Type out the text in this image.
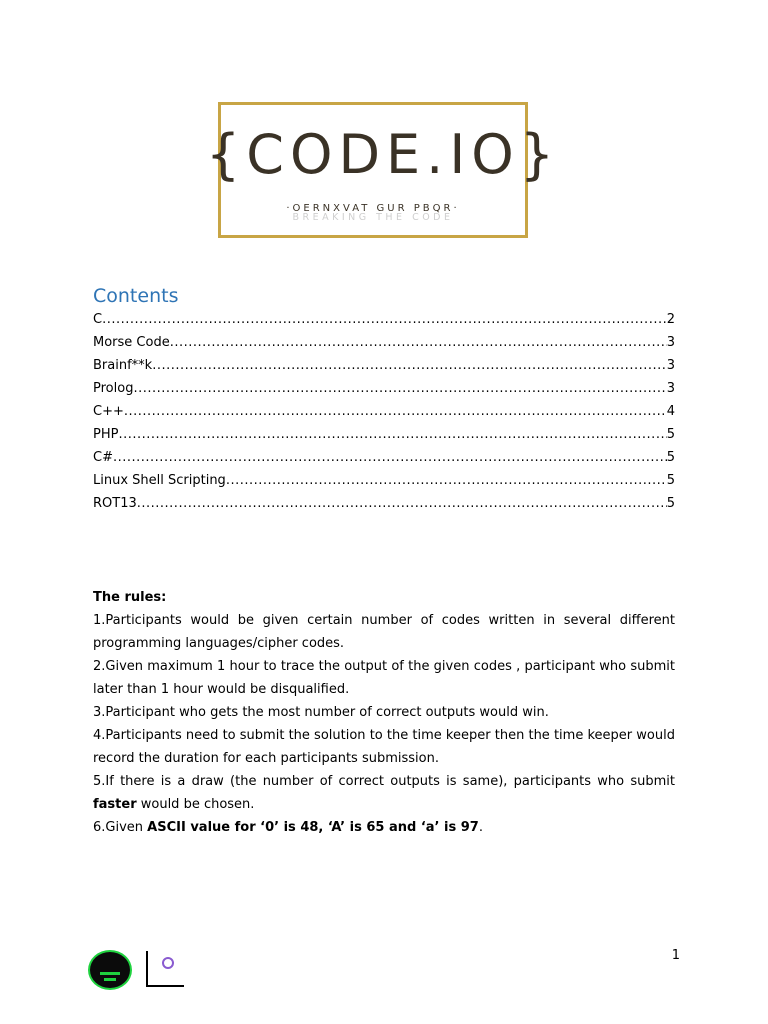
{CODE.IO}
·OERNXVAT GUR PBQR·
BREAKING THE CODE
Contents
C .....	2
Morse Code .....	3
Brainf**k .....	3
Prolog .....	3
C++ .....	4
PHP .....	5
C# .....	5
Linux Shell Scripting .....	5
ROT13 .....	5
The rules:

1.Participants would be given certain number of codes written in several different programming languages/cipher codes.

2.Given maximum 1 hour to trace the output of the given codes , participant who submit later than 1 hour would be disqualified.

3.Participant who gets the most number of correct outputs would win.

4.Participants need to submit the solution to the time keeper then the time keeper would record the duration for each participants submission.

5.If there is a draw (the number of correct outputs is same), participants who submit faster would be chosen.

6.Given ASCII value for ‘0’ is 48, ‘A’ is 65 and ‘a’ is 97.

1
